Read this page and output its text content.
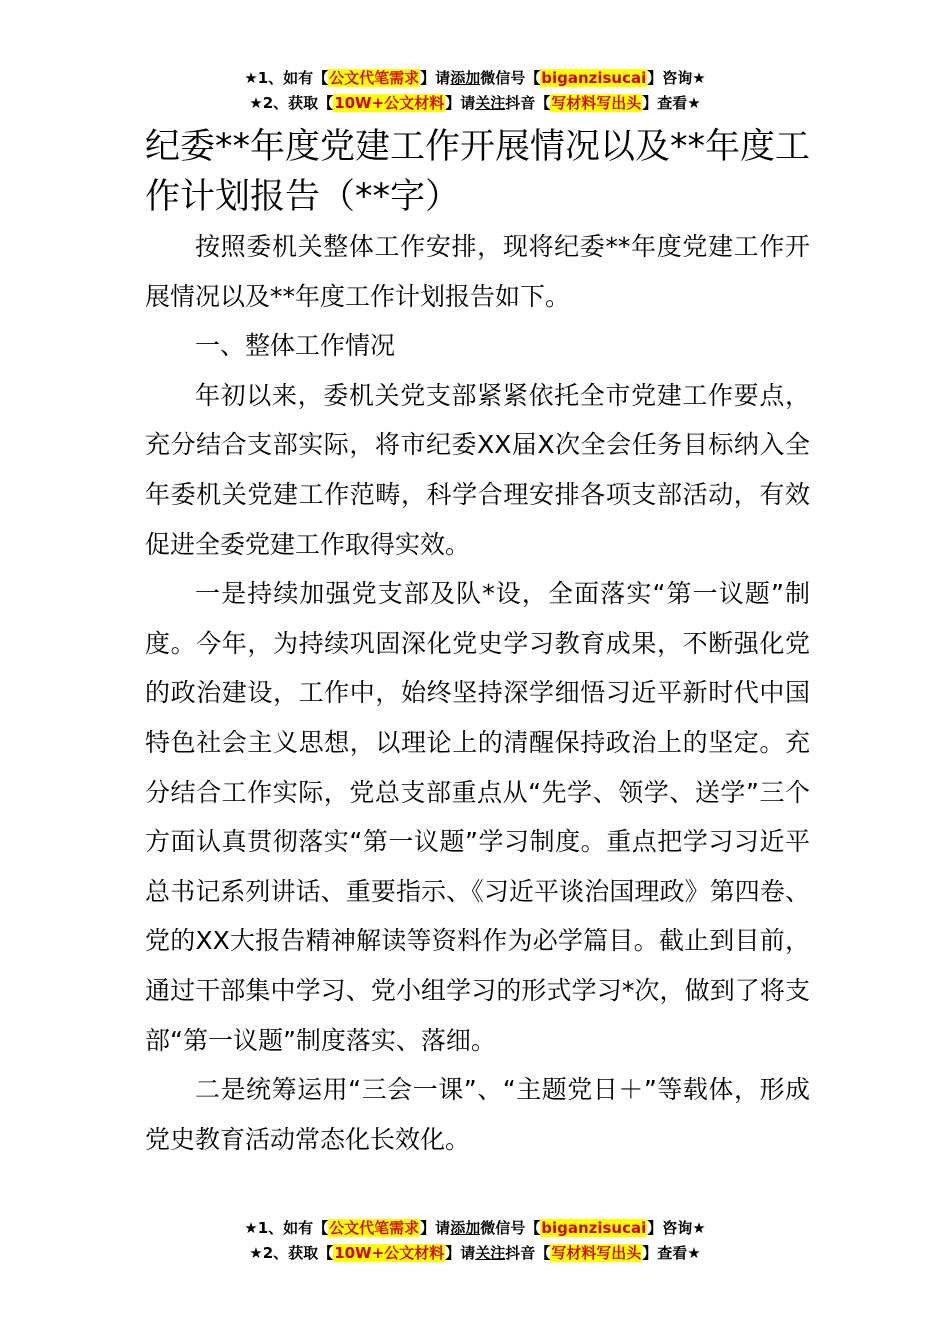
★1、如有【公文代笔需求】请添加微信号【biganzisucai】咨询★
★2、获取【10W+公文材料】请关注抖音【写材料写出头】查看★
纪委**年度党建工作开展情况以及**年度工作计划报告（**字）

按照委机关整体工作安排，现将纪委**年度党建工作开展情况以及**年度工作计划报告如下。

一、整体工作情况

年初以来，委机关党支部紧紧依托全市党建工作要点，充分结合支部实际，将市纪委XX届X次全会任务目标纳入全年委机关党建工作范畴，科学合理安排各项支部活动，有效促进全委党建工作取得实效。

一是持续加强党支部及队*设，全面落实“第一议题”制度。今年，为持续巩固深化党史学习教育成果，不断强化党的政治建设，工作中，始终坚持深学细悟习近平新时代中国特色社会主义思想，以理论上的清醒保持政治上的坚定。充分结合工作实际，党总支部重点从“先学、领学、送学”三个方面认真贯彻落实“第一议题”学习制度。重点把学习习近平总书记系列讲话、重要指示、《习近平谈治国理政》第四卷、党的XX大报告精神解读等资料作为必学篇目。截止到目前，通过干部集中学习、党小组学习的形式学习*次，做到了将支部“第一议题”制度落实、落细。

二是统筹运用“三会一课”、“主题党日＋”等载体，形成党史教育活动常态化长效化。

★1、如有【公文代笔需求】请添加微信号【biganzisucai】咨询★
★2、获取【10W+公文材料】请关注抖音【写材料写出头】查看★
